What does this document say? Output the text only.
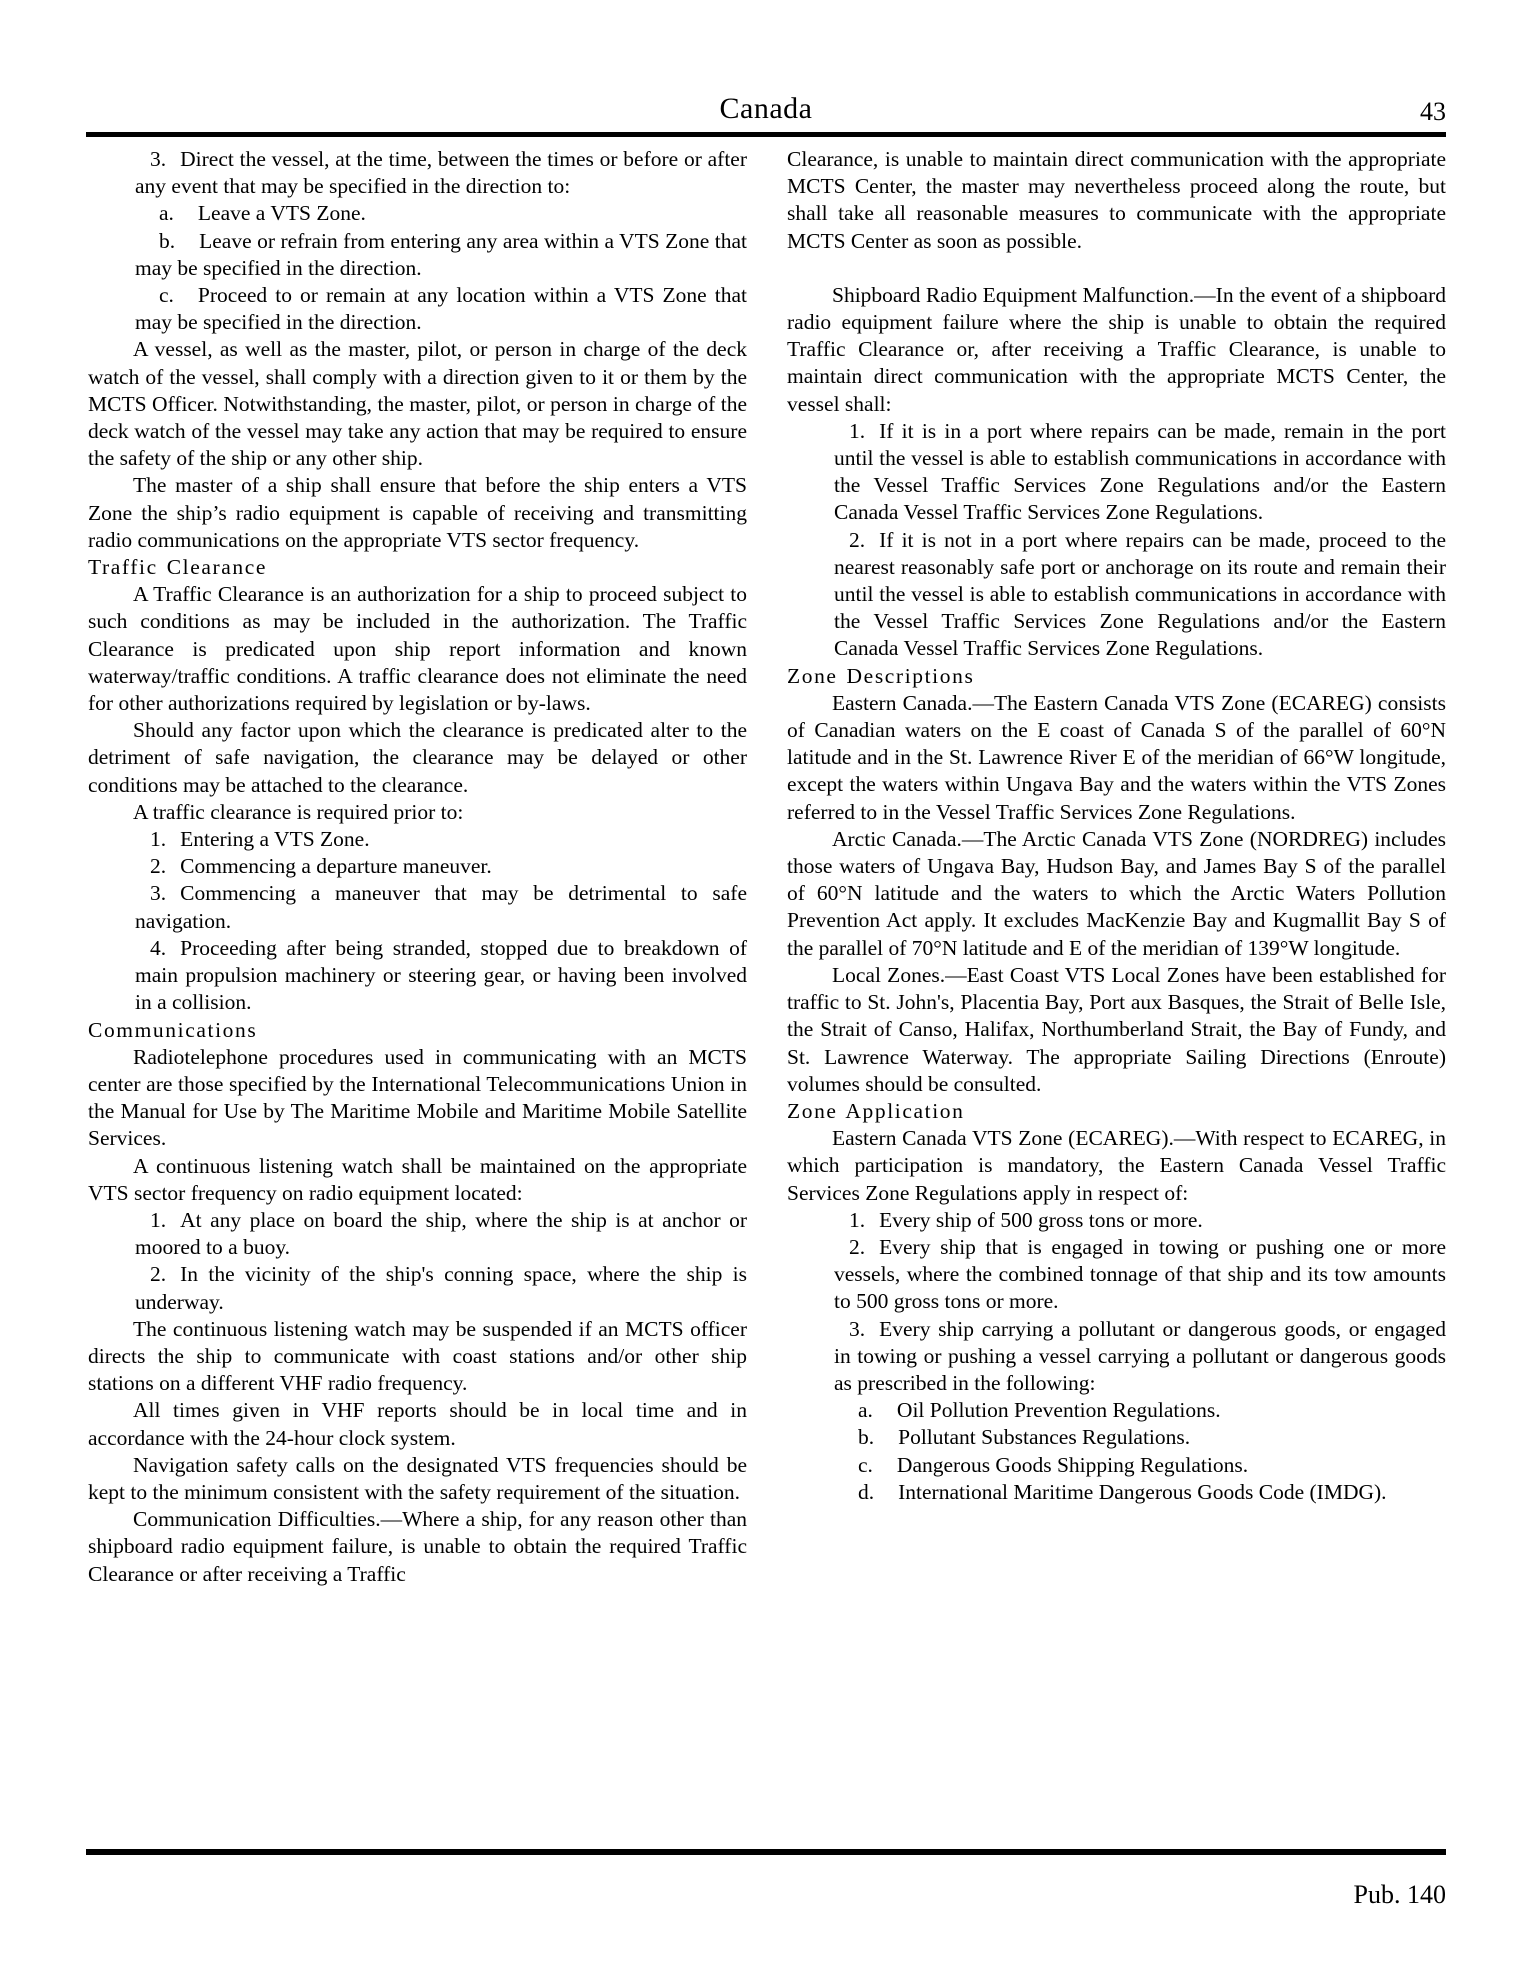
Canada	43

3. Direct the vessel, at the time, between the times or before or after any event that may be specified in the direction to:

a. Leave a VTS Zone.

b. Leave or refrain from entering any area within a VTS Zone that may be specified in the direction.

c. Proceed to or remain at any location within a VTS Zone that may be specified in the direction.

A vessel, as well as the master, pilot, or person in charge of the deck watch of the vessel, shall comply with a direction given to it or them by the MCTS Officer. Notwithstanding, the master, pilot, or person in charge of the deck watch of the vessel may take any action that may be required to ensure the safety of the ship or any other ship.

The master of a ship shall ensure that before the ship enters a VTS Zone the ship’s radio equipment is capable of receiving and transmitting radio communications on the appropriate VTS sector frequency.

Traffic Clearance

A Traffic Clearance is an authorization for a ship to proceed subject to such conditions as may be included in the authorization. The Traffic Clearance is predicated upon ship report information and known waterway/traffic conditions. A traffic clearance does not eliminate the need for other authorizations required by legislation or by-laws.

Should any factor upon which the clearance is predicated alter to the detriment of safe navigation, the clearance may be delayed or other conditions may be attached to the clearance.

A traffic clearance is required prior to:

1. Entering a VTS Zone.

2. Commencing a departure maneuver.

3. Commencing a maneuver that may be detrimental to safe navigation.

4. Proceeding after being stranded, stopped due to breakdown of main propulsion machinery or steering gear, or having been involved in a collision.

Communications

Radiotelephone procedures used in communicating with an MCTS center are those specified by the International Telecommunications Union in the Manual for Use by The Maritime Mobile and Maritime Mobile Satellite Services.

A continuous listening watch shall be maintained on the appropriate VTS sector frequency on radio equipment located:

1. At any place on board the ship, where the ship is at anchor or moored to a buoy.

2. In the vicinity of the ship's conning space, where the ship is underway.

The continuous listening watch may be suspended if an MCTS officer directs the ship to communicate with coast stations and/or other ship stations on a different VHF radio frequency.

All times given in VHF reports should be in local time and in accordance with the 24-hour clock system.

Navigation safety calls on the designated VTS frequencies should be kept to the minimum consistent with the safety requirement of the situation.

Communication Difficulties.—Where a ship, for any reason other than shipboard radio equipment failure, is unable to obtain the required Traffic Clearance or after receiving a Traffic

Clearance, is unable to maintain direct communication with the appropriate MCTS Center, the master may nevertheless proceed along the route, but shall take all reasonable measures to communicate with the appropriate MCTS Center as soon as possible.

Shipboard Radio Equipment Malfunction.—In the event of a shipboard radio equipment failure where the ship is unable to obtain the required Traffic Clearance or, after receiving a Traffic Clearance, is unable to maintain direct communication with the appropriate MCTS Center, the vessel shall:

1. If it is in a port where repairs can be made, remain in the port until the vessel is able to establish communications in accordance with the Vessel Traffic Services Zone Regulations and/or the Eastern Canada Vessel Traffic Services Zone Regulations.

2. If it is not in a port where repairs can be made, proceed to the nearest reasonably safe port or anchorage on its route and remain their until the vessel is able to establish communications in accordance with the Vessel Traffic Services Zone Regulations and/or the Eastern Canada Vessel Traffic Services Zone Regulations.

Zone Descriptions

Eastern Canada.—The Eastern Canada VTS Zone (ECAREG) consists of Canadian waters on the E coast of Canada S of the parallel of 60°N latitude and in the St. Lawrence River E of the meridian of 66°W longitude, except the waters within Ungava Bay and the waters within the VTS Zones referred to in the Vessel Traffic Services Zone Regulations.

Arctic Canada.—The Arctic Canada VTS Zone (NORDREG) includes those waters of Ungava Bay, Hudson Bay, and James Bay S of the parallel of 60°N latitude and the waters to which the Arctic Waters Pollution Prevention Act apply. It excludes MacKenzie Bay and Kugmallit Bay S of the parallel of 70°N latitude and E of the meridian of 139°W longitude.

Local Zones.—East Coast VTS Local Zones have been established for traffic to St. John's, Placentia Bay, Port aux Basques, the Strait of Belle Isle, the Strait of Canso, Halifax, Northumberland Strait, the Bay of Fundy, and St. Lawrence Waterway. The appropriate Sailing Directions (Enroute) volumes should be consulted.

Zone Application

Eastern Canada VTS Zone (ECAREG).—With respect to ECAREG, in which participation is mandatory, the Eastern Canada Vessel Traffic Services Zone Regulations apply in respect of:

1. Every ship of 500 gross tons or more.

2. Every ship that is engaged in towing or pushing one or more vessels, where the combined tonnage of that ship and its tow amounts to 500 gross tons or more.

3. Every ship carrying a pollutant or dangerous goods, or engaged in towing or pushing a vessel carrying a pollutant or dangerous goods as prescribed in the following:

a. Oil Pollution Prevention Regulations.

b. Pollutant Substances Regulations.

c. Dangerous Goods Shipping Regulations.

d. International Maritime Dangerous Goods Code (IMDG).

Pub. 140
